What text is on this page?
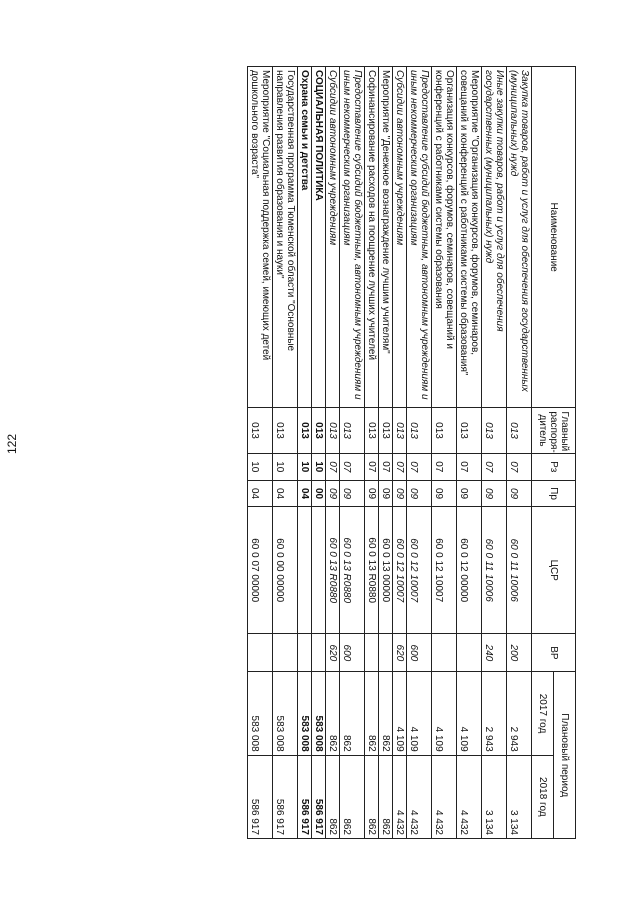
122
Наименование	Главный распоря-дитель	Рз	Пр	ЦСР	ВР	Плановый период	
						2017 год	2018 год
Закупка товаров, работ и услуг для обеспечения государственных (муниципальных) нужд	013	07	09	60 0 11 10006	200	2 943	3 134
Иные закупки товаров, работ и услуг для обеспечения государственных (муниципальных) нужд	013	07	09	60 0 11 10006	240	2 943	3 134
Мероприятие "Организация конкурсов, форумов, семинаров, совещаний и конференций с работниками системы образования"	013	07	09	60 0 12 00000		4 109	4 432
Организация конкурсов, форумов, семинаров, совещаний и конференций с работниками системы образования	013	07	09	60 0 12 10007		4 109	4 432
Предоставление субсидий бюджетным, автономным учреждениям и иным некоммерческим организациям	013	07	09	60 0 12 10007	600	4 109	4 432
Субсидии автономным учреждениям	013	07	09	60 0 12 10007	620	4 109	4 432
Мероприятие "Денежное вознаграждение лучшим учителям"	013	07	09	60 0 13 00000		862	862
Софинансирование расходов на поощрение лучших учителей	013	07	09	60 0 13 R0880		862	862
Предоставление субсидий бюджетным, автономным учреждениям и иным некоммерческим организациям	013	07	09	60 0 13 R0880	600	862	862
Субсидии автономным учреждениям	013	07	09	60 0 13 R0880	620	862	862
СОЦИАЛЬНАЯ ПОЛИТИКА	013	10	00			583 008	586 917
Охрана семьи и детства	013	10	04			583 008	586 917
Государственная программа Тюменской области "Основные направления развития образования и науки"	013	10	04	60 0 00 00000		583 008	586 917
Мероприятие "Социальная поддержка семей, имеющих детей дошкольного возраста"	013	10	04	60 0 07 00000		583 008	586 917
